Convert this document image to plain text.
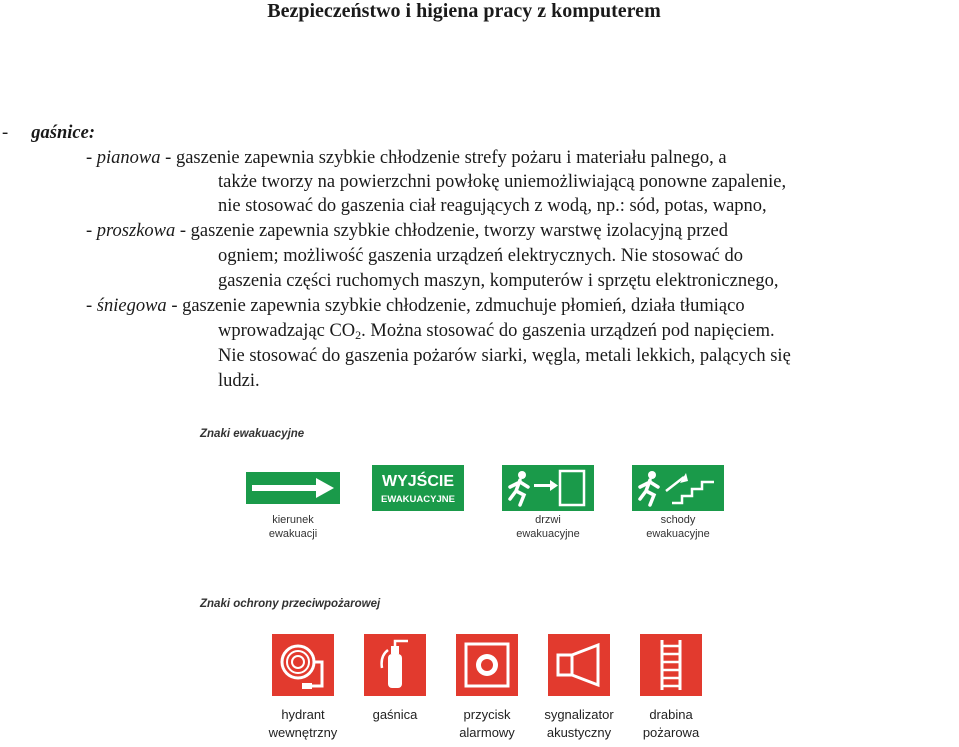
Bezpieczeństwo i higiena pracy z komputerem
- gaśnice:
- pianowa - gaszenie zapewnia szybkie chłodzenie strefy pożaru i materiału palnego, a
także tworzy na powierzchni powłokę uniemożliwiającą ponowne zapalenie,
nie stosować do gaszenia ciał reagujących z wodą, np.: sód, potas, wapno,
- proszkowa - gaszenie zapewnia szybkie chłodzenie, tworzy warstwę izolacyjną przed
ogniem; możliwość gaszenia urządzeń elektrycznych. Nie stosować do
gaszenia części ruchomych maszyn, komputerów i sprzętu elektronicznego,
- śniegowa - gaszenie zapewnia szybkie chłodzenie, zdmuchuje płomień, działa tłumiąco
wprowadzając $CO_2$. Można stosować do gaszenia urządzeń pod napięciem.
Nie stosować do gaszenia pożarów siarki, węgla, metali lekkich, palących się
ludzi.
Znaki ewakuacyjne
WYJŚCIE
EWAKUACYJNE
kierunek
ewakuacji
drzwi
ewakuacyjne
schody
ewakuacyjne
Znaki ochrony przeciwpożarowej
hydrant
wewnętrzny
gaśnica	przycisk
alarmowy
sygnalizator
akustyczny
drabina
pożarowa
